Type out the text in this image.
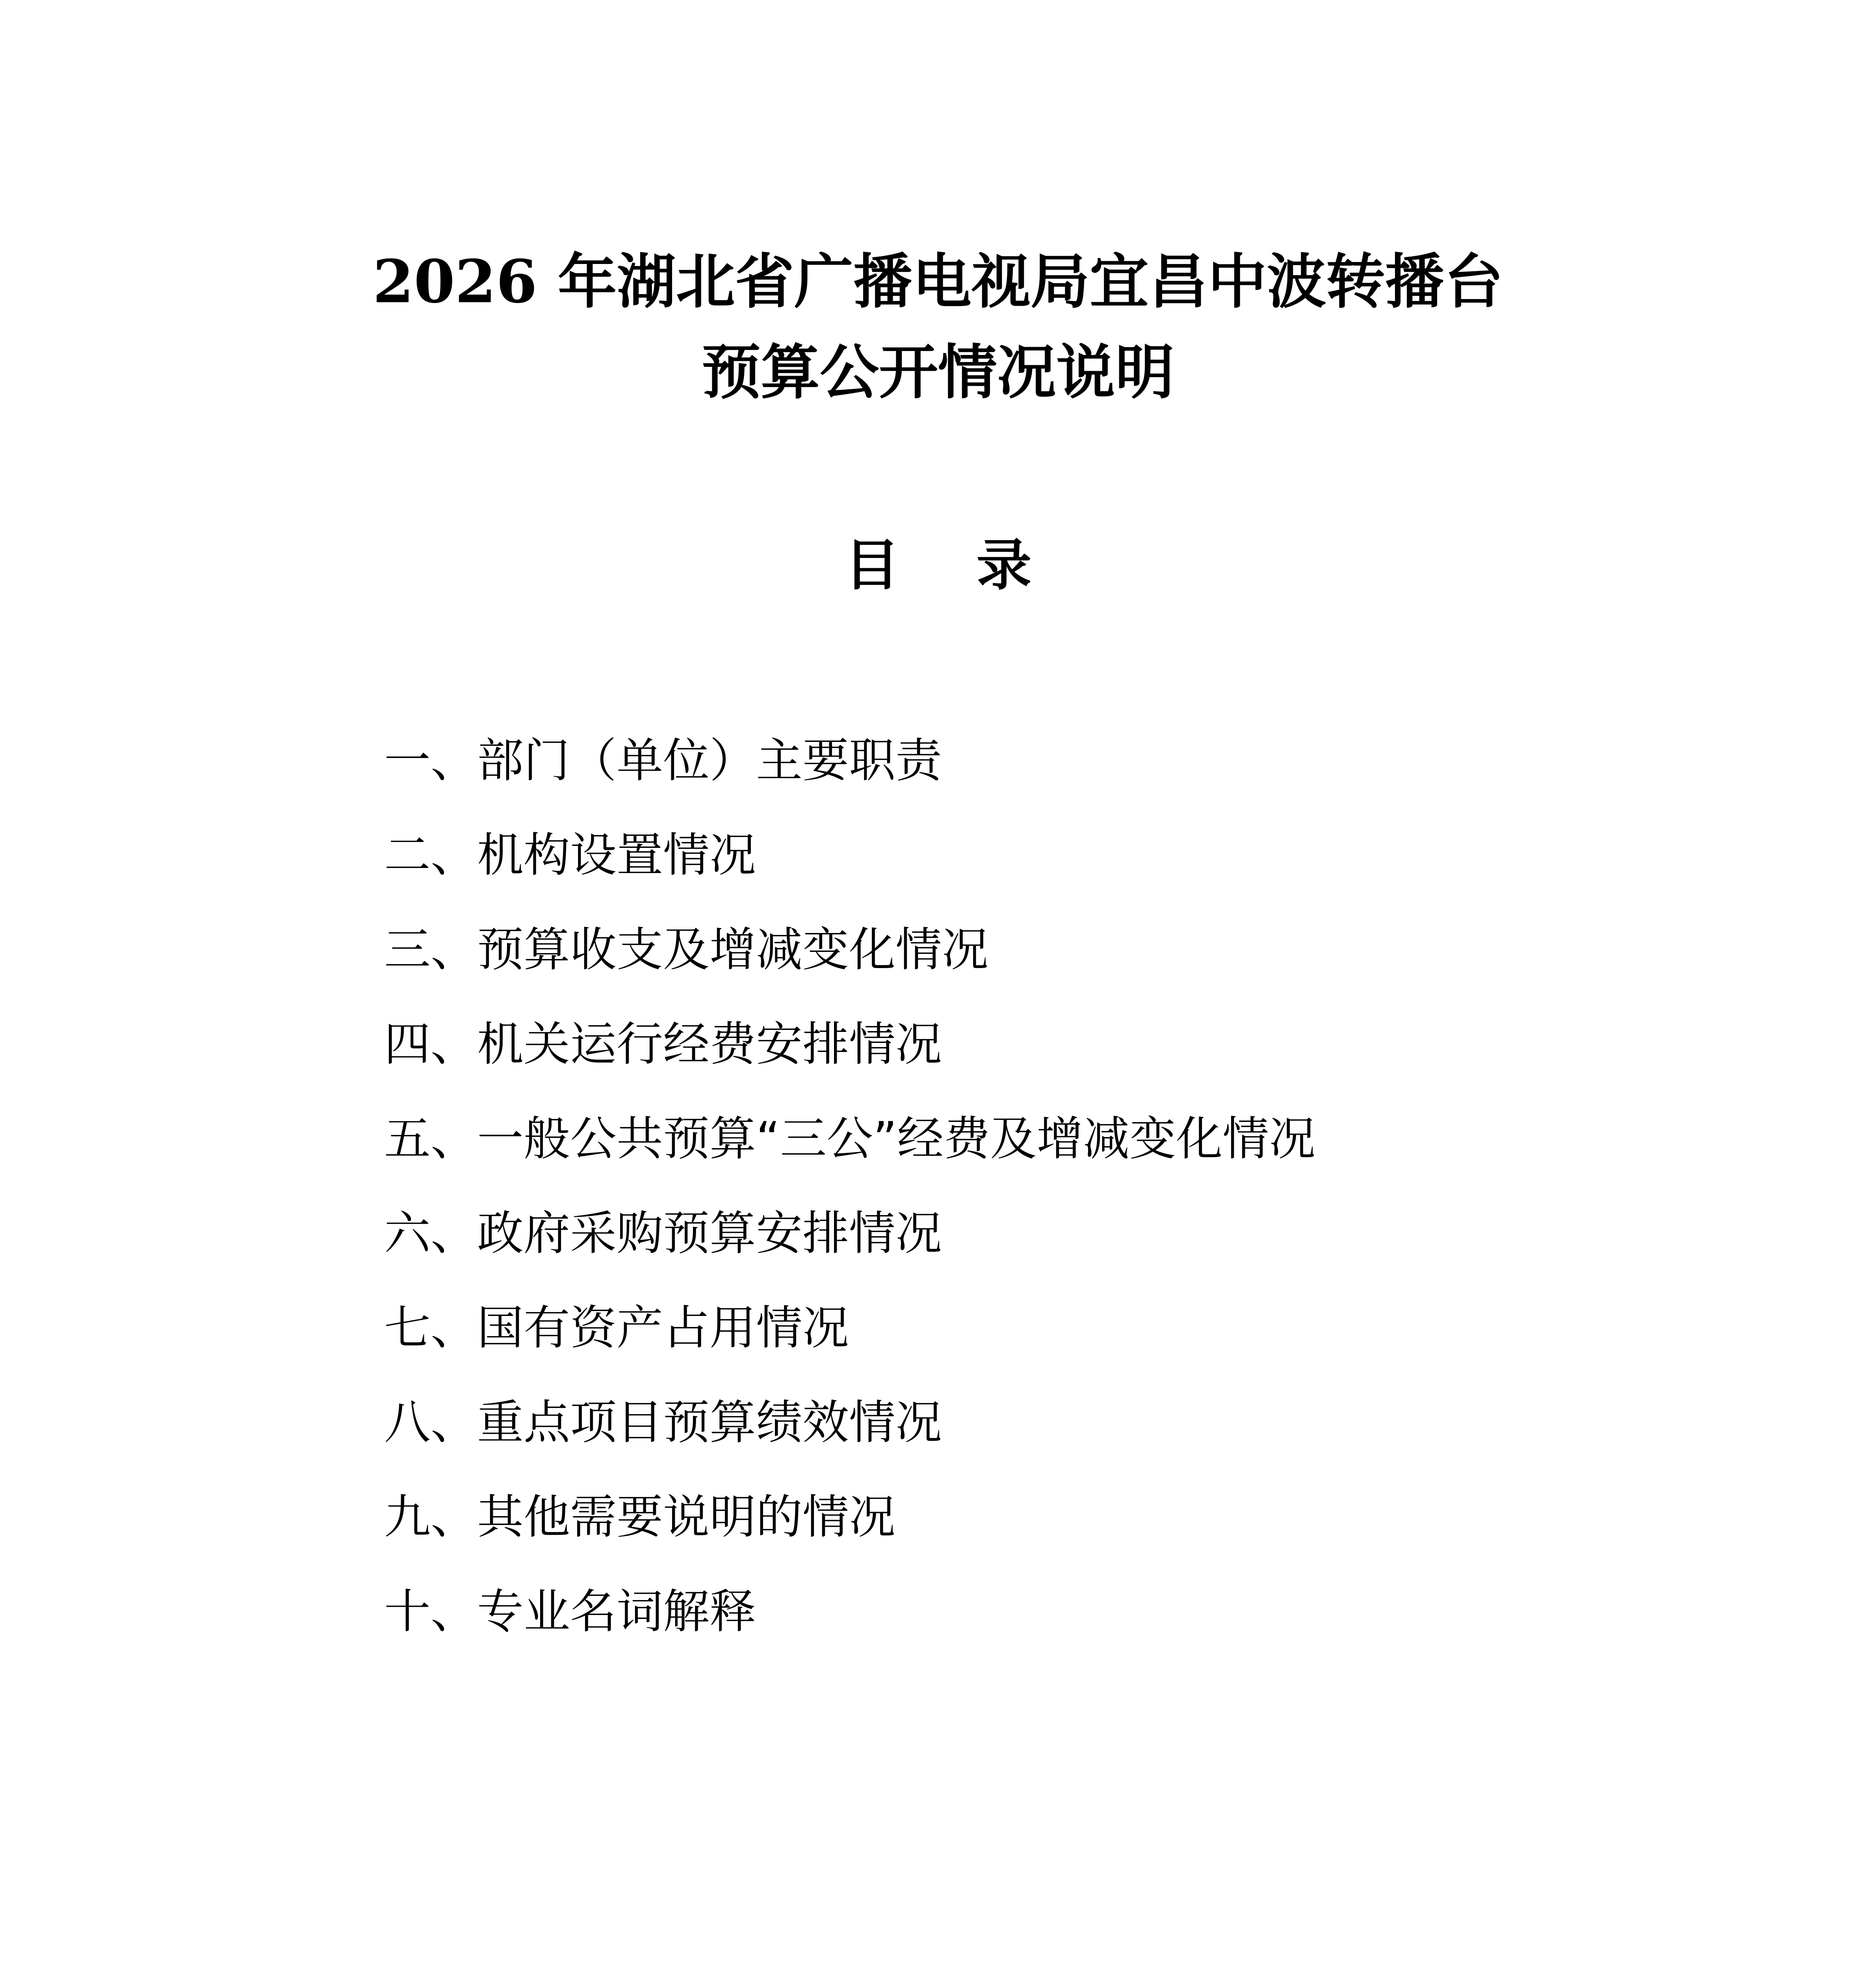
2026 年湖北省广播电视局宜昌中波转播台
预算公开情况说明
目    录
一、部门（单位）主要职责
二、机构设置情况
三、预算收支及增减变化情况
四、机关运行经费安排情况
五、一般公共预算“三公”经费及增减变化情况
六、政府采购预算安排情况
七、国有资产占用情况
八、重点项目预算绩效情况
九、其他需要说明的情况
十、专业名词解释
